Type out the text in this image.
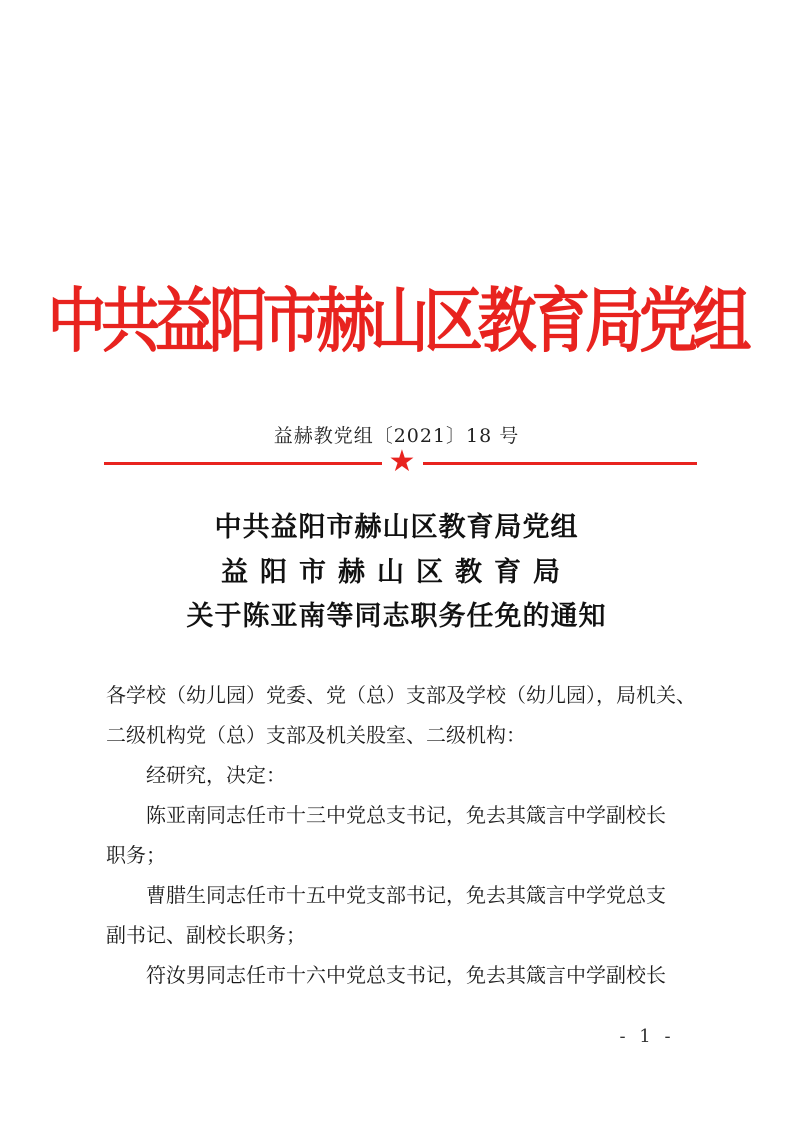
中共益阳市赫山区教育局党组
益赫教党组〔2021〕18 号
★
中共益阳市赫山区教育局党组
益阳市赫山区教育局
关于陈亚南等同志职务任免的通知
各学校（幼儿园）党委、党（总）支部及学校（幼儿园），局机关、
二级机构党（总）支部及机关股室、二级机构：
经研究，决定：
陈亚南同志任市十三中党总支书记，免去其箴言中学副校长
职务；
曹腊生同志任市十五中党支部书记，免去其箴言中学党总支
副书记、副校长职务；
符汝男同志任市十六中党总支书记，免去其箴言中学副校长
- 1 -
